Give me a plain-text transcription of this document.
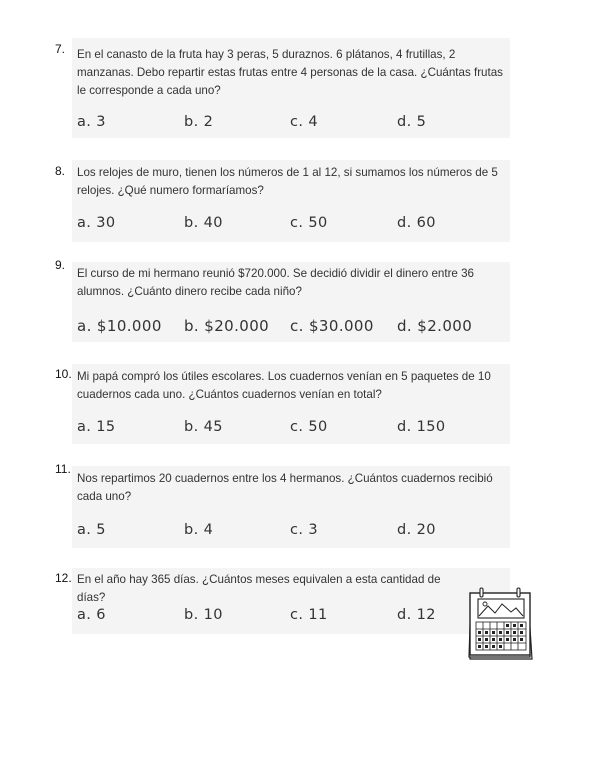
7. En el canasto de la fruta hay 3 peras, 5 duraznos. 6 plátanos, 4 frutillas, 2 manzanas. Debo repartir estas frutas entre 4 personas de la casa. ¿Cuántas frutas le corresponde a cada uno?
a. 3	b. 2	c. 4	d. 5
8. Los relojes de muro, tienen los números de 1 al 12, si sumamos los números de 5 relojes. ¿Qué numero formaríamos?
a. 30	b. 40	c. 50	d. 60
9.
El curso de mi hermano reunió $720.000. Se decidió dividir el dinero entre 36 alumnos. ¿Cuánto dinero recibe cada niño?
a. $10.000 b. $20.000 c. $30.000 d. $2.000
10. Mi papá compró los útiles escolares. Los cuadernos venían en 5 paquetes de 10 cuadernos cada uno. ¿Cuántos cuadernos venían en total?
a. 15	b. 45	c. 50	d. 150
11.
Nos repartimos 20 cuadernos entre los 4 hermanos. ¿Cuántos cuadernos recibió cada uno?
a. 5	b. 4	c. 3	d. 20
12. En el año hay 365 días. ¿Cuántos meses equivalen a esta cantidad de días?
a. 6	b. 10	c. 11	d. 12
